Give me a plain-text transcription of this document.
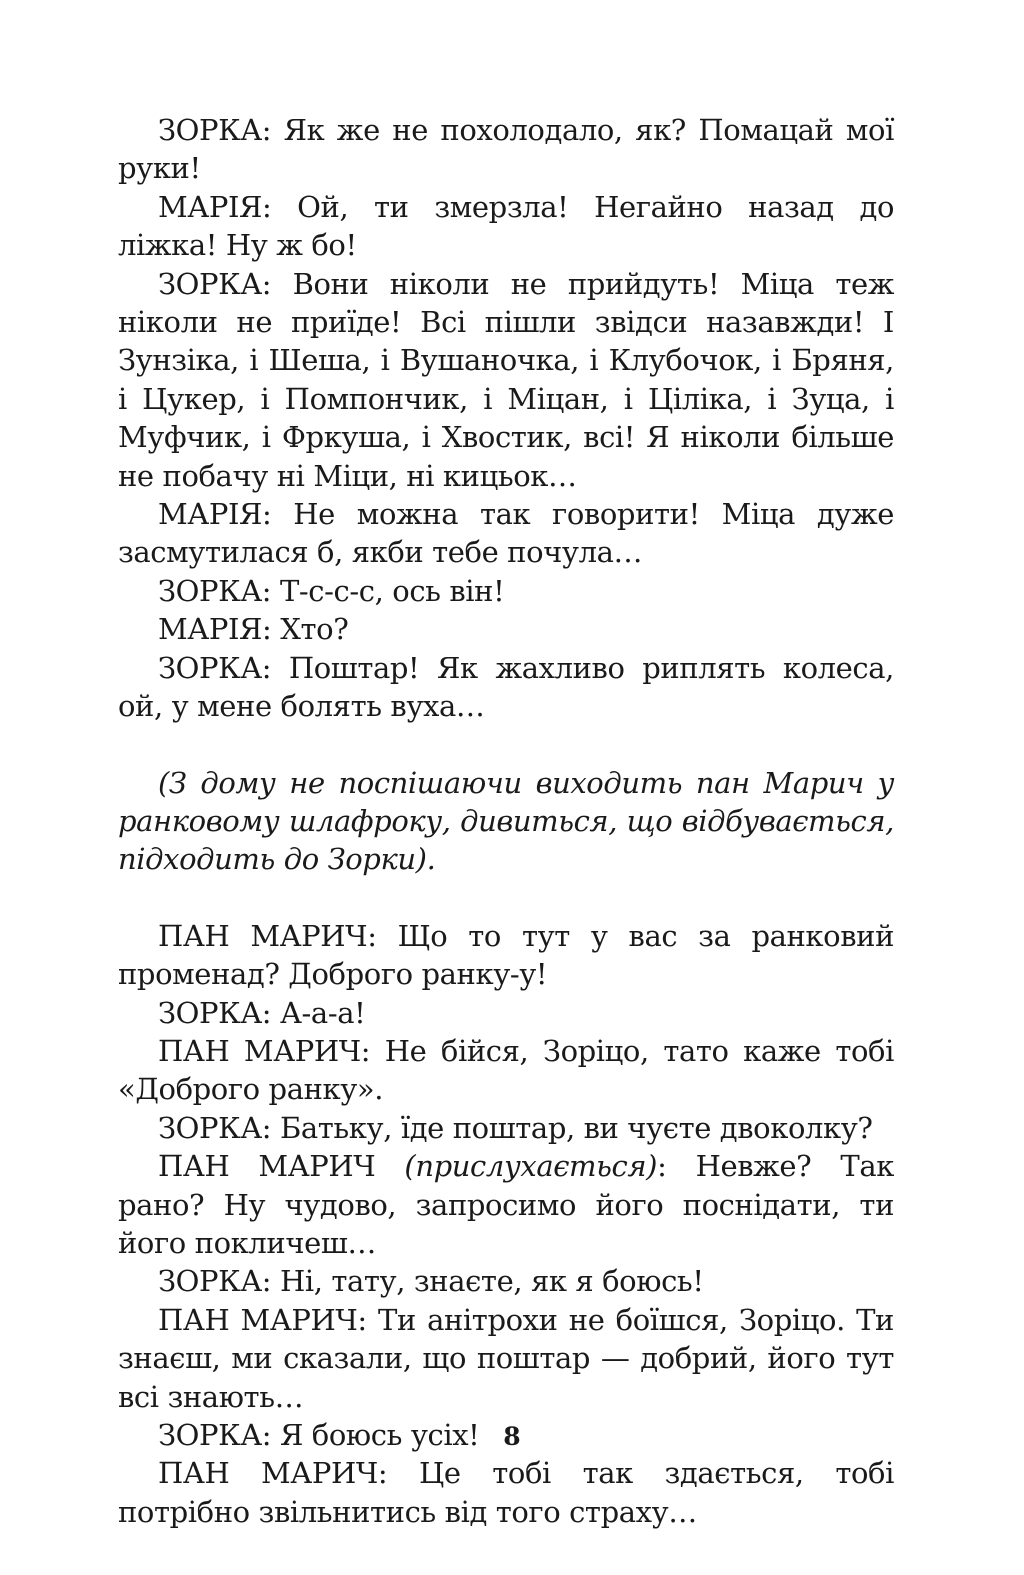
ЗОРКА: Як же не похолодало, як? Помацай мої руки!

МАРІЯ: Ой, ти змерзла! Негайно назад до ліжка! Ну ж бо!

ЗОРКА: Вони ніколи не прийдуть! Міца теж ніколи не приїде! Всі пішли звідси назавжди! І Зунзіка, і Шеша, і Вушаночка, і Клубочок, і Бряня, і Цукер, і Помпончик, і Міцан, і Ціліка, і Зуца, і Муфчик, і Фркуша, і Хвостик, всі! Я ніколи більше не побачу ні Міци, ні кицьок…

МАРІЯ: Не можна так говорити! Міца дуже засмутилася б, якби тебе почула…

ЗОРКА: Т-с-с-с, ось він!

МАРІЯ: Хто?

ЗОРКА: Поштар! Як жахливо риплять колеса, ой, у мене болять вуха…

(З дому не поспішаючи виходить пан Марич у ранковому шлафроку, дивиться, що відбувається, підходить до Зорки).

ПАН МАРИЧ: Що то тут у вас за ранковий променад? Доброго ранку-у!

ЗОРКА: А-а-а!

ПАН МАРИЧ: Не бійся, Зоріцо, тато каже тобі «Доброго ранку».

ЗОРКА: Батьку, їде поштар, ви чуєте двоколку?

ПАН МАРИЧ (прислухається): Невже? Так рано? Ну чудово, запросимо його поснідати, ти його покличеш…

ЗОРКА: Ні, тату, знаєте, як я боюсь!

ПАН МАРИЧ: Ти анітрохи не боїшся, Зоріцо. Ти знаєш, ми сказали, що поштар — добрий, його тут всі знають…

ЗОРКА: Я боюсь усіх!

ПАН МАРИЧ: Це тобі так здається, тобі потрібно звільнитись від того страху…

8
